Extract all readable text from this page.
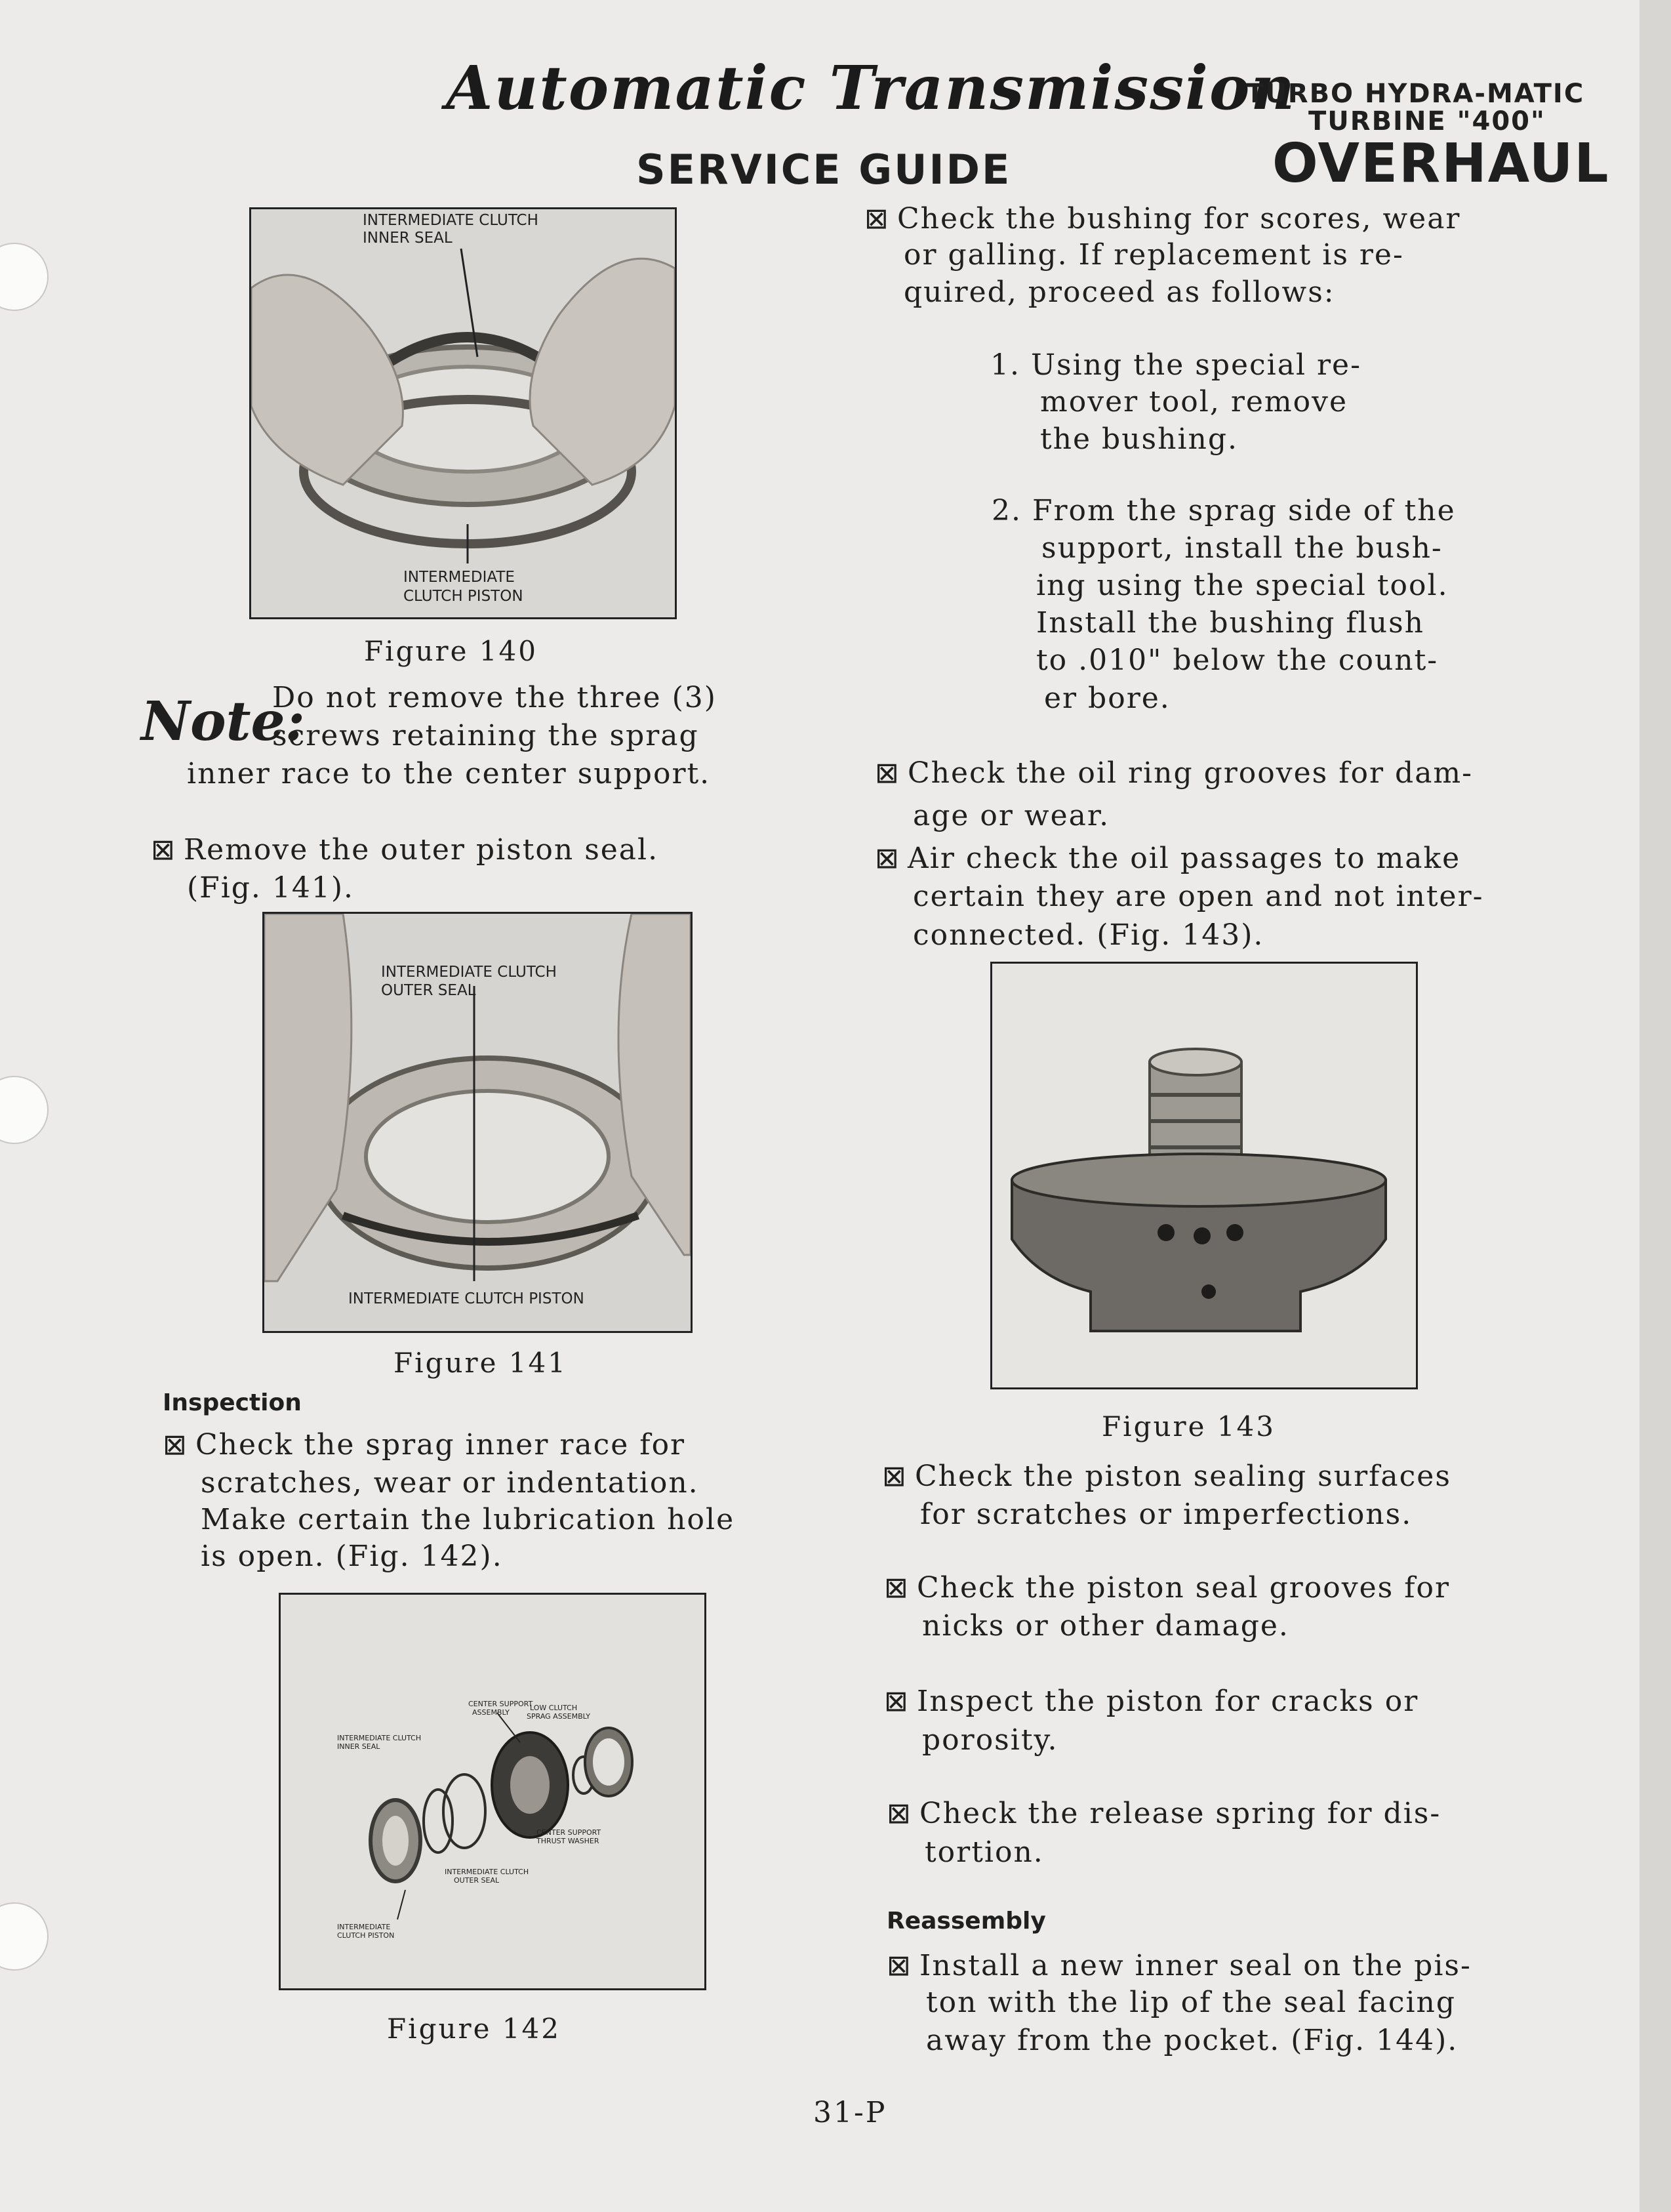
Automatic Transmission
SERVICE GUIDE
TURBO HYDRA-MATIC
TURBINE "400"
OVERHAUL
INTERMEDIATE CLUTCH
INNER SEAL
INTERMEDIATE
CLUTCH PISTON
Figure 140
Note:
Do not remove the three (3)
screws retaining the sprag
inner race to the center support.
⊠ Remove the outer piston seal.
(Fig. 141).
INTERMEDIATE CLUTCH
OUTER SEAL
INTERMEDIATE CLUTCH PISTON
Figure 141
Inspection
⊠ Check the sprag inner race for
scratches, wear or indentation.
Make certain the lubrication hole
is open. (Fig. 142).
CENTER SUPPORT
ASSEMBLY
LOW CLUTCH
SPRAG ASSEMBLY
INTERMEDIATE CLUTCH
INNER SEAL
CENTER SUPPORT
THRUST WASHER
INTERMEDIATE CLUTCH
OUTER SEAL
INTERMEDIATE
CLUTCH PISTON
Figure 142
⊠ Check the bushing for scores, wear
or galling. If replacement is re-
quired, proceed as follows:
1. Using the special re-
mover tool, remove
the bushing.
2. From the sprag side of the
support, install the bush-
ing using the special tool.
Install the bushing flush
to .010" below the count-
er bore.
⊠ Check the oil ring grooves for dam-
age or wear.
⊠ Air check the oil passages to make
certain they are open and not inter-
connected. (Fig. 143).
Figure 143
⊠ Check the piston sealing surfaces
for scratches or imperfections.
⊠ Check the piston seal grooves for
nicks or other damage.
⊠ Inspect the piston for cracks or
porosity.
⊠ Check the release spring for dis-
tortion.
Reassembly
⊠ Install a new inner seal on the pis-
ton with the lip of the seal facing
away from the pocket. (Fig. 144).
31-P
